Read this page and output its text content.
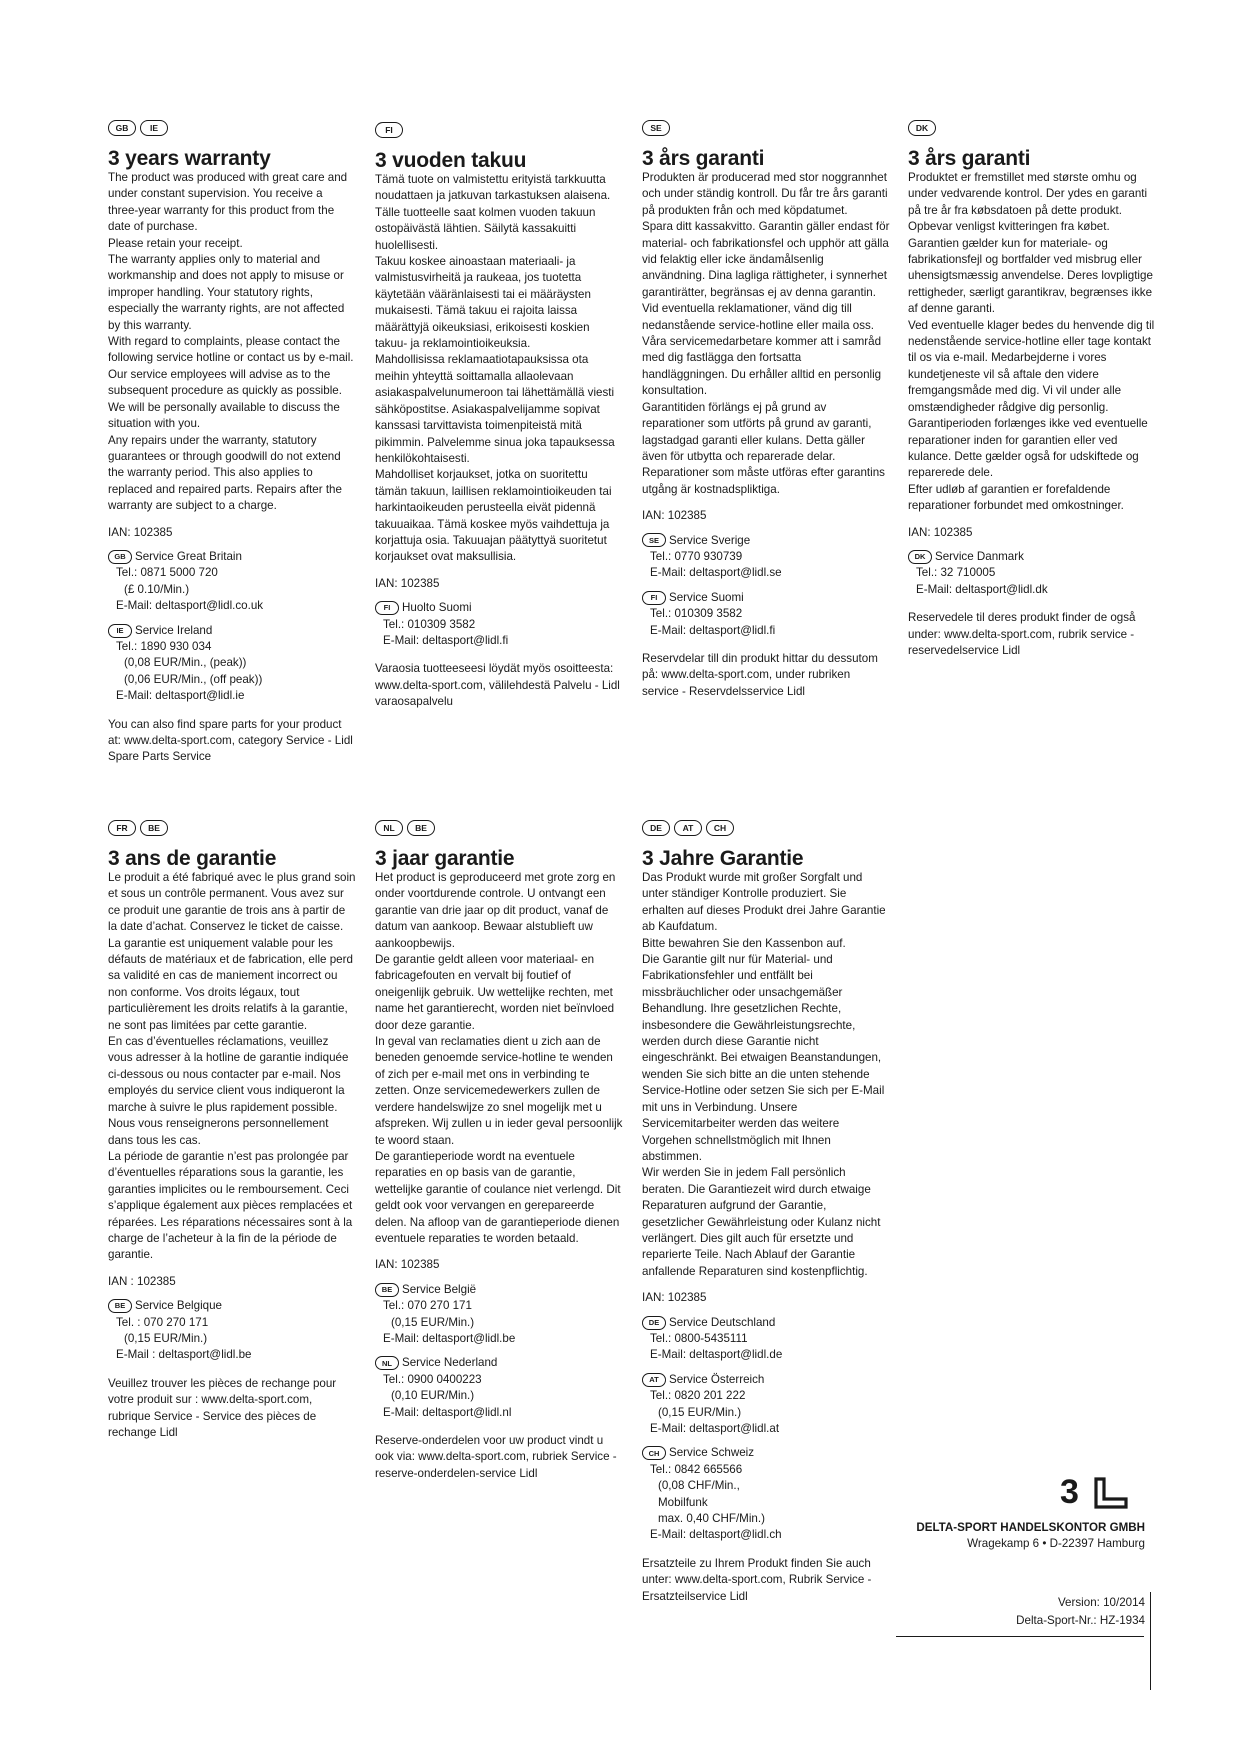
GB	IE
3 years warranty

The product was produced with great care and under constant supervision. You receive a three-year warranty for this product from the date of purchase.

Please retain your receipt.

The warranty applies only to material and workmanship and does not apply to misuse or improper handling. Your statutory rights, especially the warranty rights, are not affected by this warranty.

With regard to complaints, please contact the following service hotline or contact us by e-mail.

Our service employees will advise as to the subsequent procedure as quickly as possible. We will be personally available to discuss the situation with you.

Any repairs under the warranty, statutory guarantees or through goodwill do not extend the warranty period. This also applies to replaced and repaired parts. Repairs after the warranty are subject to a charge.

IAN: 102385
GB Service Great Britain
Tel.: 0871 5000 720
(£ 0.10/Min.)
E-Mail: deltasport@lidl.co.uk
IE Service Ireland
Tel.: 1890 930 034
(0,08 EUR/Min., (peak))
(0,06 EUR/Min., (off peak))
E-Mail: deltasport@lidl.ie
You can also find spare parts for your product at: www.delta-sport.com, category Service - Lidl Spare Parts Service
FI
3 vuoden takuu

Tämä tuote on valmistettu erityistä tarkkuutta noudattaen ja jatkuvan tarkastuksen alaisena. Tälle tuotteelle saat kolmen vuoden takuun ostopäivästä lähtien. Säilytä kassakuitti huolellisesti.

Takuu koskee ainoastaan materiaali- ja valmistusvirheitä ja raukeaa, jos tuotetta käytetään vääränlaisesti tai ei määräysten mukaisesti. Tämä takuu ei rajoita laissa määrättyjä oikeuksiasi, erikoisesti koskien takuu- ja reklamointioikeuksia.

Mahdollisissa reklamaatiotapauksissa ota meihin yhteyttä soittamalla allaolevaan asiakaspalvelunumeroon tai lähettämällä viesti sähköpostitse. Asiakaspalvelijamme sopivat kanssasi tarvittavista toimenpiteistä mitä pikimmin. Palvelemme sinua joka tapauksessa henkilökohtaisesti.

Mahdolliset korjaukset, jotka on suoritettu tämän takuun, laillisen reklamointioikeuden tai harkintaoikeuden perusteella eivät pidennä takuuaikaa. Tämä koskee myös vaihdettuja ja korjattuja osia. Takuuajan päätyttyä suoritetut korjaukset ovat maksullisia.

IAN: 102385
FI Huolto Suomi
Tel.: 010309 3582
E-Mail: deltasport@lidl.fi
Varaosia tuotteeseesi löydät myös osoitteesta: www.delta-sport.com, välilehdestä Palvelu - Lidl varaosapalvelu
SE
3 års garanti

Produkten är producerad med stor noggrannhet och under ständig kontroll. Du får tre års garanti på produkten från och med köpdatumet.

Spara ditt kassakvitto. Garantin gäller endast för material- och fabrikationsfel och upphör att gälla vid felaktig eller icke ändamålsenlig användning. Dina lagliga rättigheter, i synnerhet garantirätter, begränsas ej av denna garantin.

Vid eventuella reklamationer, vänd dig till nedanstående service-hotline eller maila oss. Våra servicemedarbetare kommer att i samråd med dig fastlägga den fortsatta handläggningen. Du erhåller alltid en personlig konsultation.

Garantitiden förlängs ej på grund av reparationer som utförts på grund av garanti, lagstadgad garanti eller kulans. Detta gäller även för utbytta och reparerade delar. Reparationer som måste utföras efter garantins utgång är kostnadspliktiga.

IAN: 102385
SE Service Sverige
Tel.: 0770 930739
E-Mail: deltasport@lidl.se
FI Service Suomi
Tel.: 010309 3582
E-Mail: deltasport@lidl.fi
Reservdelar till din produkt hittar du dessutom på: www.delta-sport.com, under rubriken service - Reservdelsservice Lidl
DK
3 års garanti

Produktet er fremstillet med største omhu og under vedvarende kontrol. Der ydes en garanti på tre år fra købsdatoen på dette produkt. Opbevar venligst kvitteringen fra købet.

Garantien gælder kun for materiale- og fabrikationsfejl og bortfalder ved misbrug eller uhensigtsmæssig anvendelse. Deres lovpligtige rettigheder, særligt garantikrav, begrænses ikke af denne garanti.

Ved eventuelle klager bedes du henvende dig til nedenstående service-hotline eller tage kontakt til os via e-mail. Medarbejderne i vores kundetjeneste vil så aftale den videre fremgangsmåde med dig. Vi vil under alle omstændigheder rådgive dig personlig.

Garantiperioden forlænges ikke ved eventuelle reparationer inden for garantien eller ved kulance. Dette gælder også for udskiftede og reparerede dele.

Efter udløb af garantien er forefaldende reparationer forbundet med omkostninger.

IAN: 102385
DK Service Danmark
Tel.: 32 710005
E-Mail: deltasport@lidl.dk
Reservedele til deres produkt finder de også under: www.delta-sport.com, rubrik service - reservedelservice Lidl
FR	BE
3 ans de garantie

Le produit a été fabriqué avec le plus grand soin et sous un contrôle permanent. Vous avez sur ce produit une garantie de trois ans à partir de la date d’achat. Conservez le ticket de caisse.

La garantie est uniquement valable pour les défauts de matériaux et de fabrication, elle perd sa validité en cas de maniement incorrect ou non conforme. Vos droits légaux, tout particulièrement les droits relatifs à la garantie, ne sont pas limitées par cette garantie.

En cas d’éventuelles réclamations, veuillez vous adresser à la hotline de garantie indiquée ci-dessous ou nous contacter par e-mail. Nos employés du service client vous indiqueront la marche à suivre le plus rapidement possible. Nous vous renseignerons personnellement dans tous les cas.

La période de garantie n’est pas prolongée par d’éventuelles réparations sous la garantie, les garanties implicites ou le remboursement. Ceci s’applique également aux pièces remplacées et réparées. Les réparations nécessaires sont à la charge de l’acheteur à la fin de la période de garantie.

IAN : 102385
BE Service Belgique
Tel. : 070 270 171
(0,15 EUR/Min.)
E-Mail : deltasport@lidl.be
Veuillez trouver les pièces de rechange pour votre produit sur : www.delta-sport.com, rubrique Service - Service des pièces de rechange Lidl
NL	BE
3 jaar garantie

Het product is geproduceerd met grote zorg en onder voortdurende controle. U ontvangt een garantie van drie jaar op dit product, vanaf de datum van aankoop. Bewaar alstublieft uw aankoopbewijs.

De garantie geldt alleen voor materiaal- en fabricagefouten en vervalt bij foutief of oneigenlijk gebruik. Uw wettelijke rechten, met name het garantierecht, worden niet beïnvloed door deze garantie.

In geval van reclamaties dient u zich aan de beneden genoemde service-hotline te wenden of zich per e-mail met ons in verbinding te zetten. Onze servicemedewerkers zullen de verdere handelswijze zo snel mogelijk met u afspreken. Wij zullen u in ieder geval persoonlijk te woord staan.

De garantieperiode wordt na eventuele reparaties en op basis van de garantie, wettelijke garantie of coulance niet verlengd. Dit geldt ook voor vervangen en gerepareerde delen. Na afloop van de garantieperiode dienen eventuele reparaties te worden betaald.

IAN: 102385
BE Service België
Tel.: 070 270 171
(0,15 EUR/Min.)
E-Mail: deltasport@lidl.be
NL Service Nederland
Tel.: 0900 0400223
(0,10 EUR/Min.)
E-Mail: deltasport@lidl.nl
Reserve-onderdelen voor uw product vindt u ook via: www.delta-sport.com, rubriek Service - reserve-onderdelen-service Lidl
DE	AT	CH
3 Jahre Garantie

Das Produkt wurde mit großer Sorgfalt und unter ständiger Kontrolle produziert. Sie erhalten auf dieses Produkt drei Jahre Garantie ab Kaufdatum.

Bitte bewahren Sie den Kassenbon auf.

Die Garantie gilt nur für Material- und Fabrikationsfehler und entfällt bei missbräuchlicher oder unsachgemäßer Behandlung. Ihre gesetzlichen Rechte, insbesondere die Gewährleistungsrechte, werden durch diese Garantie nicht eingeschränkt. Bei etwaigen Beanstandungen, wenden Sie sich bitte an die unten stehende Service-Hotline oder setzen Sie sich per E-Mail mit uns in Verbindung. Unsere Servicemitarbeiter werden das weitere Vorgehen schnellstmöglich mit Ihnen abstimmen.

Wir werden Sie in jedem Fall persönlich beraten. Die Garantiezeit wird durch etwaige Reparaturen aufgrund der Garantie, gesetzlicher Gewährleistung oder Kulanz nicht verlängert. Dies gilt auch für ersetzte und reparierte Teile. Nach Ablauf der Garantie anfallende Reparaturen sind kostenpflichtig.

IAN: 102385
DE Service Deutschland
Tel.: 0800-5435111
E-Mail: deltasport@lidl.de
AT Service Österreich
Tel.: 0820 201 222
(0,15 EUR/Min.)
E-Mail: deltasport@lidl.at
CH Service Schweiz
Tel.: 0842 665566
(0,08 CHF/Min.,
Mobilfunk
max. 0,40 CHF/Min.)
E-Mail: deltasport@lidl.ch
Ersatzteile zu Ihrem Produkt finden Sie auch unter: www.delta-sport.com, Rubrik Service - Ersatzteilservice Lidl
3
DELTA-SPORT HANDELSKONTOR GMBH
Wragekamp 6 • D-22397 Hamburg
Version: 10/2014
Delta-Sport-Nr.: HZ-1934
